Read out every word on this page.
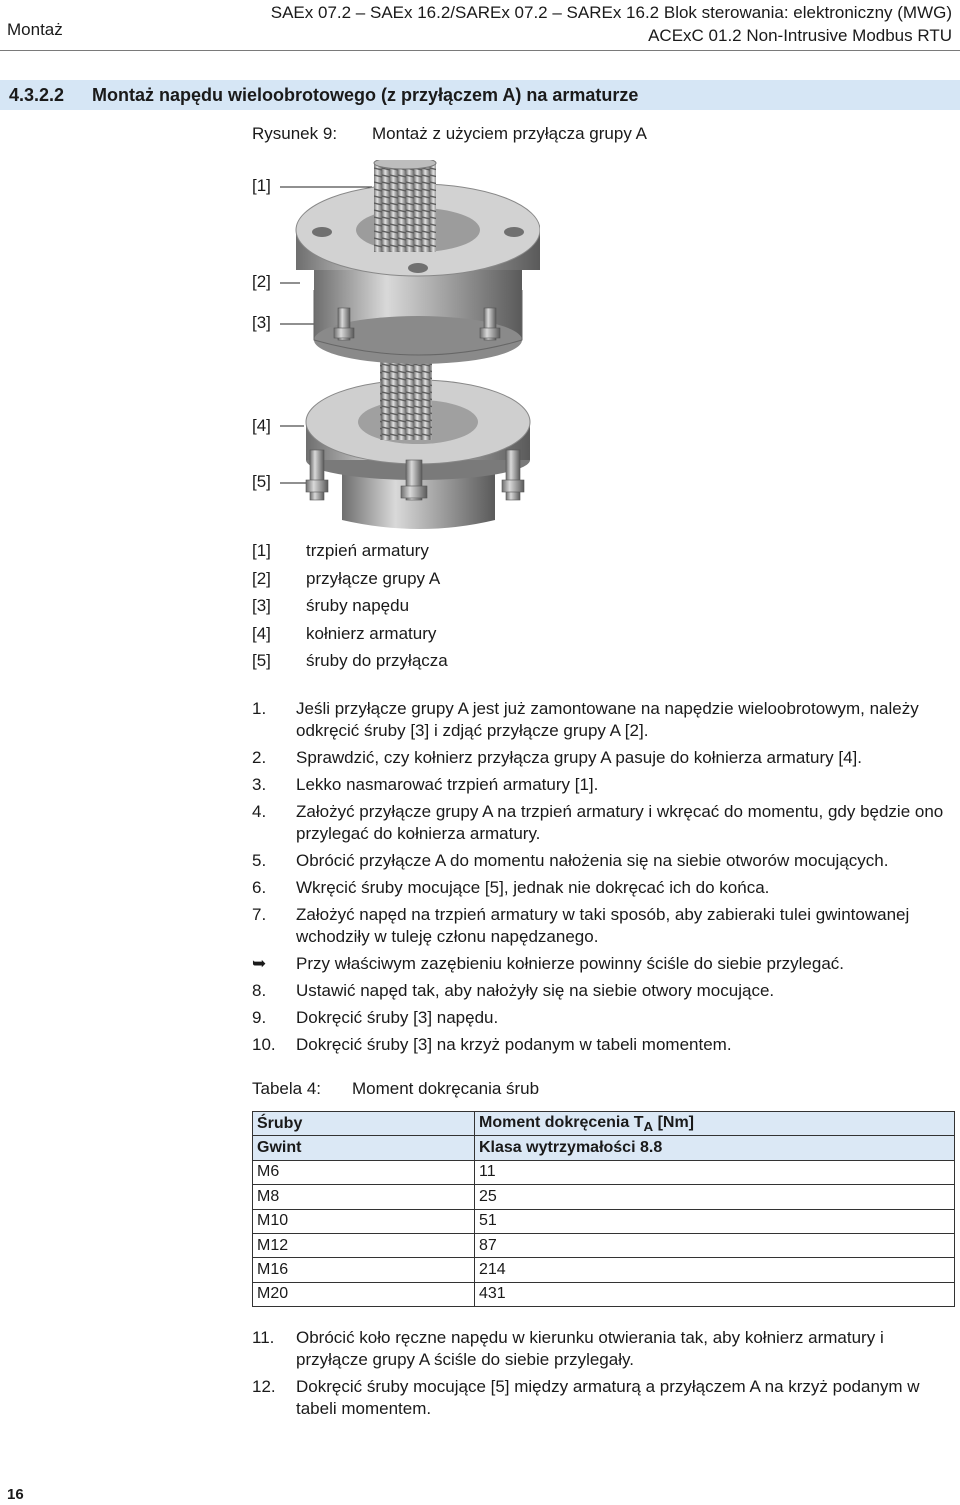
Montaż
SAEx 07.2 – SAEx 16.2/SAREx 07.2 – SAREx 16.2 Blok sterowania: elektroniczny (MWG)
ACExC 01.2 Non-Intrusive Modbus RTU
4.3.2.2 Montaż napędu wieloobrotowego (z przyłączem A) na armaturze
Rysunek 9: Montaż z użyciem przyłącza grupy A
[1]
[2]
[3]
[4]
[5]
[1] trzpień armatury
[2] przyłącze grupy A
[3] śruby napędu
[4] kołnierz armatury
[5] śruby do przyłącza
1. Jeśli przyłącze grupy A jest już zamontowane na napędzie wieloobrotowym, należy odkręcić śruby [3] i zdjąć przyłącze grupy A [2].
2. Sprawdzić, czy kołnierz przyłącza grupy A pasuje do kołnierza armatury [4].
3. Lekko nasmarować trzpień armatury [1].
4. Założyć przyłącze grupy A na trzpień armatury i wkręcać do momentu, gdy będzie ono przylegać do kołnierza armatury.
5. Obrócić przyłącze A do momentu nałożenia się na siebie otworów mocujących.
6. Wkręcić śruby mocujące [5], jednak nie dokręcać ich do końca.
7. Założyć napęd na trzpień armatury w taki sposób, aby zabieraki tulei gwintowanej wchodziły w tuleję członu napędzanego.
➥ Przy właściwym zazębieniu kołnierze powinny ściśle do siebie przylegać.
8. Ustawić napęd tak, aby nałożyły się na siebie otwory mocujące.
9. Dokręcić śruby [3] napędu.
10. Dokręcić śruby [3] na krzyż podanym w tabeli momentem.
Tabela 4: Moment dokręcania śrub
Śruby	Moment dokręcenia $T_A$ [Nm]
Gwint	Klasa wytrzymałości 8.8
M6	11
M8	25
M10	51
M12	87
M16	214
M20	431
11. Obrócić koło ręczne napędu w kierunku otwierania tak, aby kołnierz armatury i przyłącze grupy A ściśle do siebie przylegały.
12. Dokręcić śruby mocujące [5] między armaturą a przyłączem A na krzyż podanym w tabeli momentem.
16
